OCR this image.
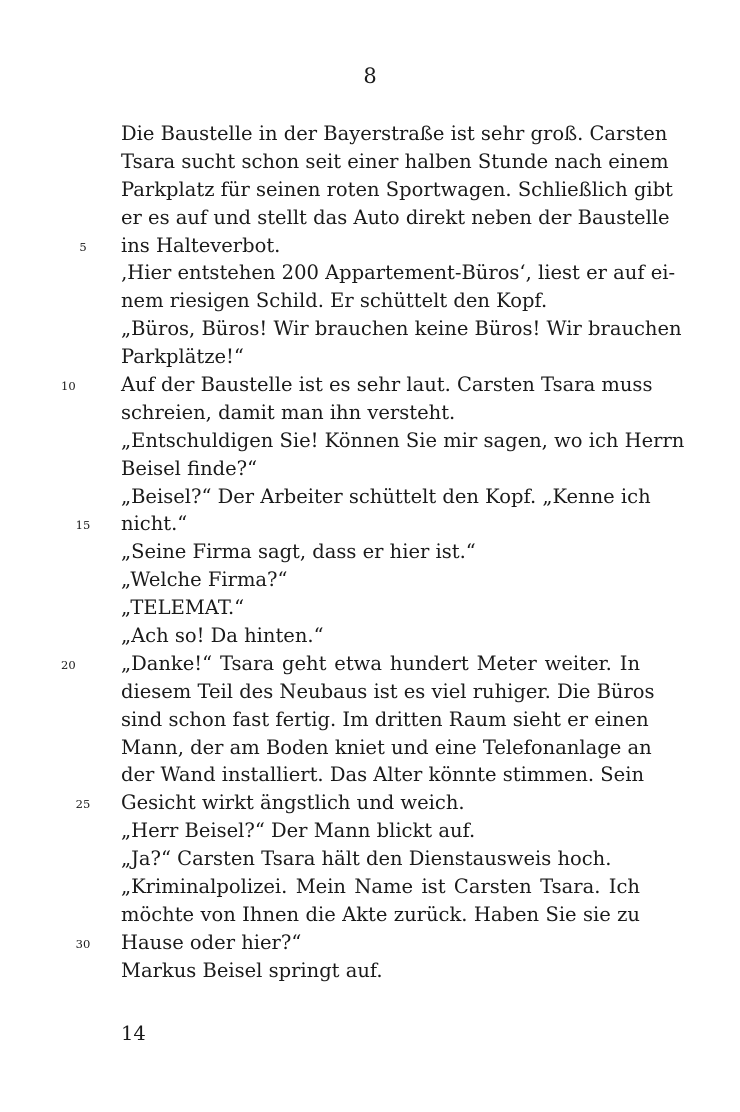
8
Die Baustelle in der Bayerstraße ist sehr groß. Carsten
Tsara sucht schon seit einer halben Stunde nach einem
Parkplatz für seinen roten Sportwagen. Schließlich gibt
er es auf und stellt das Auto direkt neben der Baustelle
ins Halteverbot.
5
‚Hier entstehen 200 Appartement-Büros‘, liest er auf ei-
nem riesigen Schild. Er schüttelt den Kopf.
„Büros, Büros! Wir brauchen keine Büros! Wir brauchen
Parkplätze!“
Auf der Baustelle ist es sehr laut. Carsten Tsara muss
10
schreien, damit man ihn versteht.
„Entschuldigen Sie! Können Sie mir sagen, wo ich Herrn
Beisel finde?“
„Beisel?“ Der Arbeiter schüttelt den Kopf. „Kenne ich
nicht.“
15
„Seine Firma sagt, dass er hier ist.“
„Welche Firma?“
„TELEMAT.“
„Ach so! Da hinten.“
„Danke!“ Tsara geht etwa hundert Meter weiter. In
20
diesem Teil des Neubaus ist es viel ruhiger. Die Büros
sind schon fast fertig. Im dritten Raum sieht er einen
Mann, der am Boden kniet und eine Telefonanlage an
der Wand installiert. Das Alter könnte stimmen. Sein
Gesicht wirkt ängstlich und weich.
25
„Herr Beisel?“ Der Mann blickt auf.
„Ja?“ Carsten Tsara hält den Dienstausweis hoch.
„Kriminalpolizei. Mein Name ist Carsten Tsara. Ich
möchte von Ihnen die Akte zurück. Haben Sie sie zu
Hause oder hier?“
30
Markus Beisel springt auf.
14
